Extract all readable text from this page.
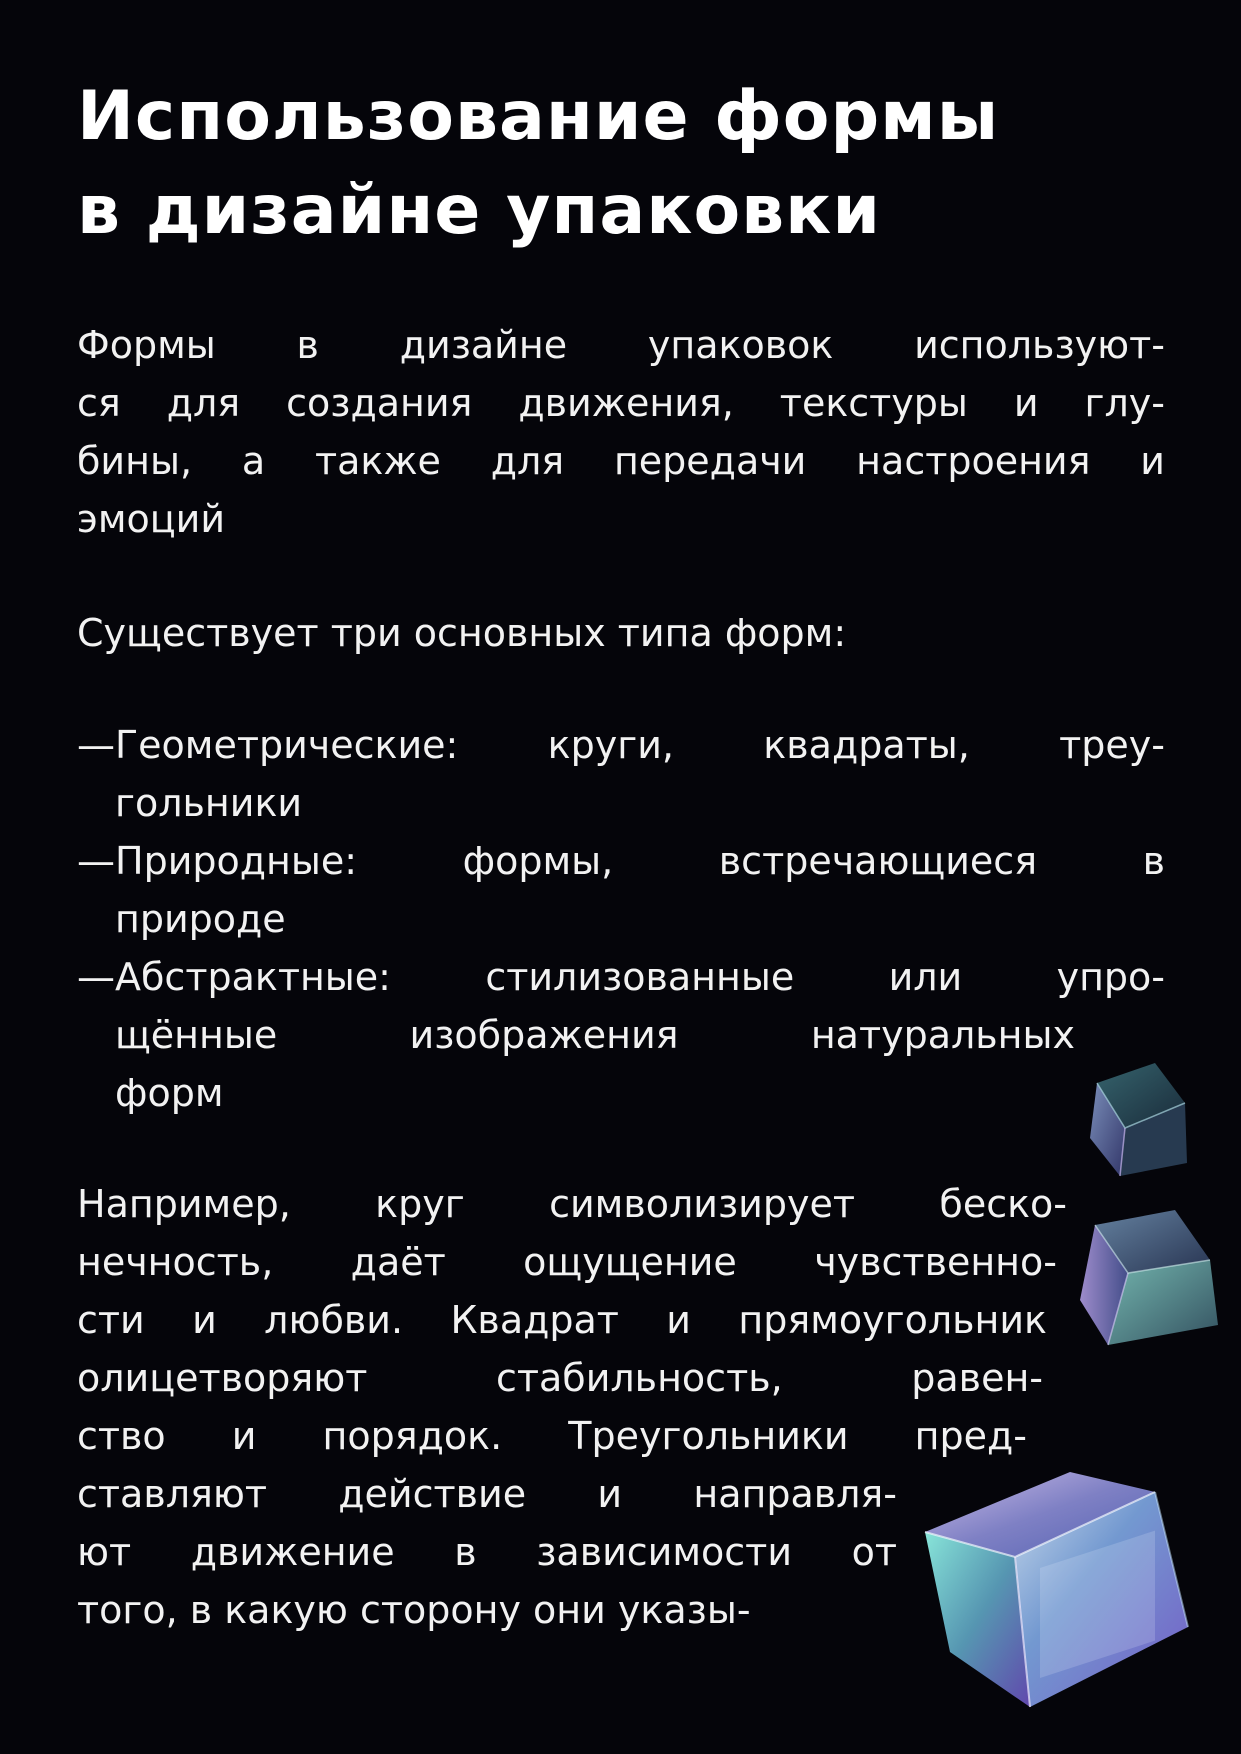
Использование формы
в дизайне упаковки

Формы в дизайне упаковок используют-
ся для создания движения, текстуры и глу-
бины, а также для передачи настроения и
эмоций

Существует три основных типа форм:

— Геометрические: круги, квадраты, треу-
гольники
— Природные: формы, встречающиеся в
природе
— Абстрактные: стилизованные или упро-
щённые изображения натуральных
форм

Например, круг символизирует беско-
нечность, даёт ощущение чувственно-
сти и любви. Квадрат и прямоугольник
олицетворяют стабильность, равен-
ство и порядок. Треугольники пред-
ставляют действие и направля-
ют движение в зависимости от
того, в какую сторону они указы-
